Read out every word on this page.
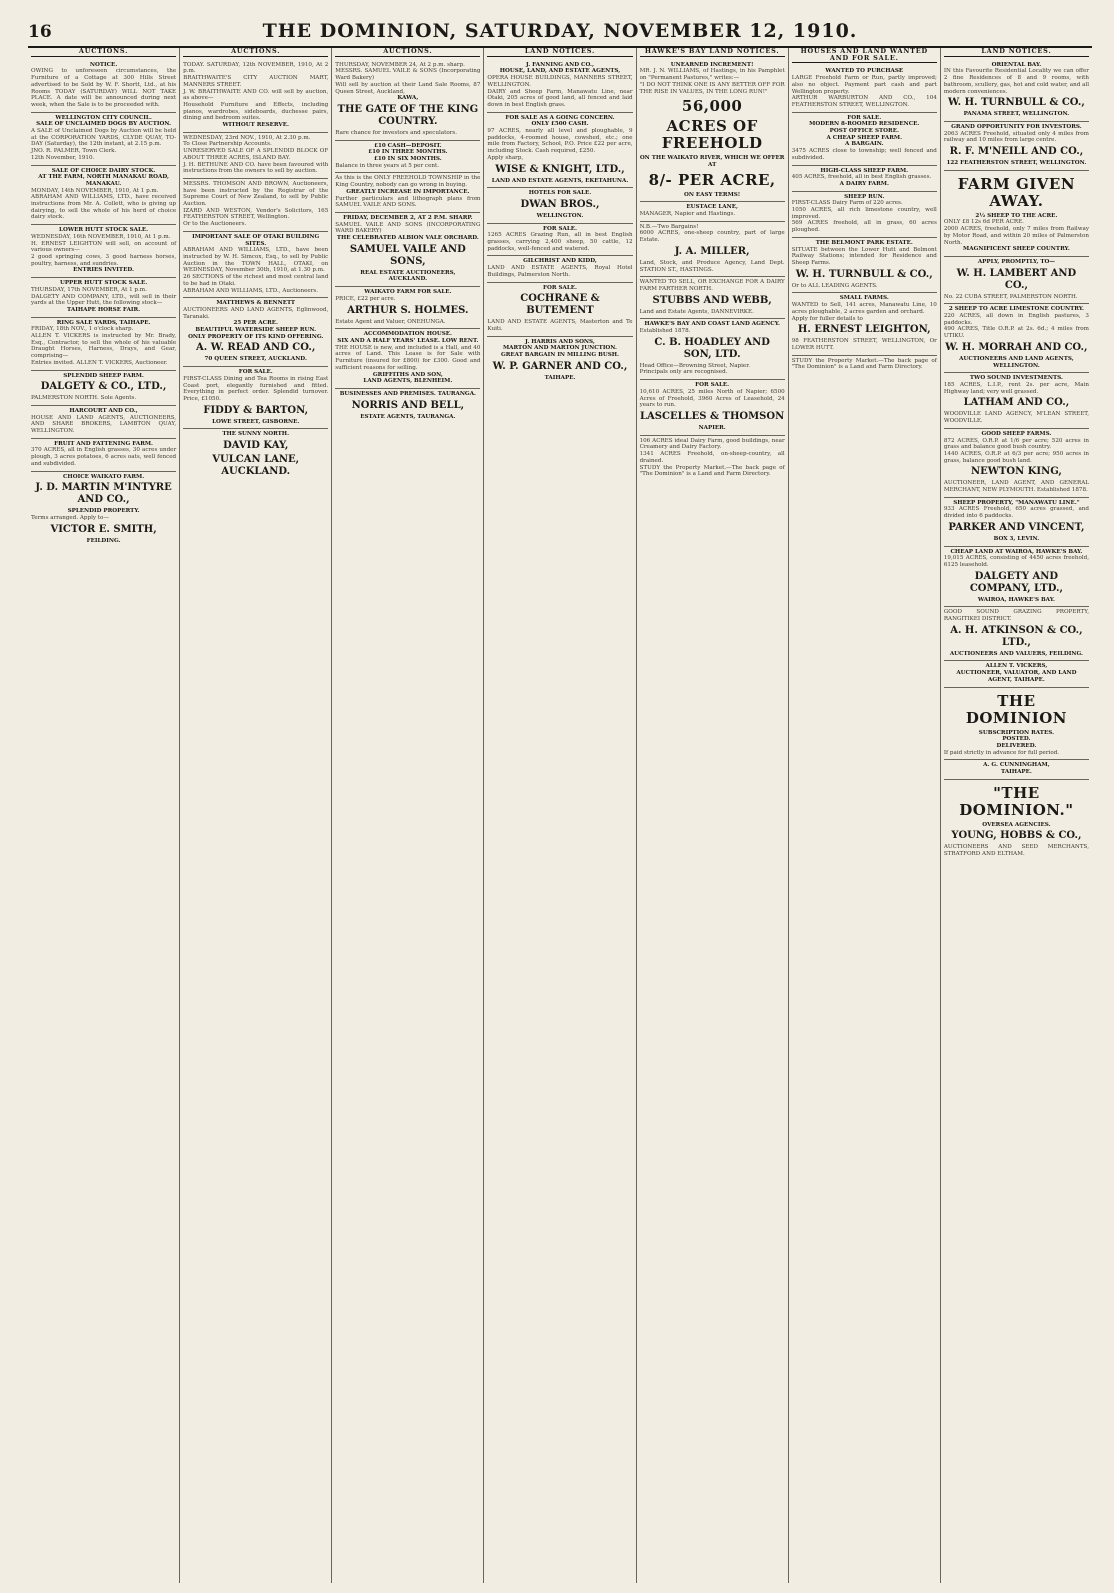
16	THE DOMINION, SATURDAY, NOVEMBER 12, 1910.
AUCTIONS.
NOTICE.
OWING to unforeseen circumstances, the Furniture of a Cottage at 300 Hills Street advertised to be Sold by W. F. Shortt, Ltd., at his Rooms TODAY (SATURDAY) WILL NOT TAKE PLACE. A date will be announced during next week, when the Sale is to be proceeded with.
WELLINGTON CITY COUNCIL.
SALE OF UNCLAIMED DOGS BY AUCTION.
A SALE of Unclaimed Dogs by Auction will be held at the CORPORATION YARDS, CLYDE QUAY, TO-DAY (Saturday), the 12th instant, at 2.15 p.m.
JNO. R. PALMER, Town Clerk.
12th November, 1910.
SALE OF CHOICE DAIRY STOCK.
AT THE FARM, NORTH MANAKAU ROAD, MANAKAU.
MONDAY, 14th NOVEMBER, 1910, At 1 p.m.
ABRAHAM AND WILLIAMS, LTD., have received instructions from Mr. A. Collett, who is giving up dairying, to sell the whole of his herd of choice dairy stock.
LOWER HUTT STOCK SALE.
WEDNESDAY, 16th NOVEMBER, 1910, At 1 p.m.
H. ERNEST LEIGHTON will sell, on account of various owners—
2 good springing cows, 3 good harness horses, poultry, harness, and sundries.
ENTRIES INVITED.
UPPER HUTT STOCK SALE.
THURSDAY, 17th NOVEMBER, At 1 p.m.
DALGETY AND COMPANY, LTD., will sell in their yards at the Upper Hutt, the following stock—
TAIHAPE HORSE FAIR.
RING SALE YARDS, TAIHAPE.
FRIDAY, 18th NOV., 1 o'clock sharp.
ALLEN T. VICKERS is instructed by Mr. Brady, Esq., Contractor, to sell the whole of his valuable Draught Horses, Harness, Drays, and Gear, comprising—
Entries invited. ALLEN T. VICKERS, Auctioneer.
SPLENDID SHEEP FARM.
DALGETY & CO., LTD.,
PALMERSTON NORTH. Sole Agents.
HARCOURT AND CO.,
HOUSE AND LAND AGENTS, AUCTIONEERS, AND SHARE BROKERS, LAMBTON QUAY, WELLINGTON.
FRUIT AND FATTENING FARM.
370 ACRES, all in English grasses, 30 acres under plough, 3 acres potatoes, 6 acres oats, well fenced and subdivided.
CHOICE WAIKATO FARM.
J. D. MARTIN M'INTYRE AND CO.,
SPLENDID PROPERTY.
Terms arranged. Apply to—
VICTOR E. SMITH,
FEILDING.
AUCTIONS.
TODAY. SATURDAY, 12th NOVEMBER, 1910, At 2 p.m.
BRAITHWAITE'S CITY AUCTION MART, MANNERS STREET.
J. W. BRAITHWAITE AND CO. will sell by auction, as above—
Household Furniture and Effects, including pianos, wardrobes, sideboards, duchesse pairs, dining and bedroom suites.
WITHOUT RESERVE.
WEDNESDAY, 23rd NOV., 1910, At 2.30 p.m.
To Close Partnership Accounts.
UNRESERVED SALE OF A SPLENDID BLOCK OF ABOUT THREE ACRES, ISLAND BAY.
J. H. BETHUNE AND CO. have been favoured with instructions from the owners to sell by auction.
MESSRS. THOMSON AND BROWN, Auctioneers, have been instructed by the Registrar of the Supreme Court of New Zealand, to sell by Public Auction.
IZARD AND WESTON, Vendor's Solicitors, 165 FEATHERSTON STREET, Wellington.
Or to the Auctioneers.
IMPORTANT SALE OF OTAKI BUILDING SITES.
ABRAHAM AND WILLIAMS, LTD., have been instructed by W. H. Simcox, Esq., to sell by Public Auction in the TOWN HALL, OTAKI, on WEDNESDAY, November 30th, 1910, at 1.30 p.m.
26 SECTIONS of the richest and most central land to be had in Otaki.
ABRAHAM AND WILLIAMS, LTD., Auctioneers.
MATTHEWS & BENNETT
AUCTIONEERS AND LAND AGENTS, Eglinwood, Taranaki.
25 PER ACRE.
BEAUTIFUL WATERSIDE SHEEP RUN.
ONLY PROPERTY OF ITS KIND OFFERING.
A. W. READ AND CO.,
70 QUEEN STREET, AUCKLAND.
FOR SALE.
FIRST-CLASS Dining and Tea Rooms in rising East Coast port, elegantly furnished and fitted. Everything in perfect order. Splendid turnover. Price, £1050.
FIDDY & BARTON,
LOWE STREET, GISBORNE.
THE SUNNY NORTH.
DAVID KAY,
VULCAN LANE, AUCKLAND.
AUCTIONS.
THURSDAY, NOVEMBER 24, At 2 p.m. sharp.
MESSRS. SAMUEL VAILE & SONS (Incorporating Ward Bakery)
Will sell by auction at their Land Sale Rooms, 87 Queen Street, Auckland,
KAWA,
THE GATE OF THE KING COUNTRY.
Rare chance for investors and speculators.
£10 CASH—DEPOSIT.
£10 IN THREE MONTHS.
£10 IN SIX MONTHS.
Balance in three years at 5 per cent.
As this is the ONLY FREEHOLD TOWNSHIP in the King Country, nobody can go wrong in buying.
GREATLY INCREASE IN IMPORTANCE.
Further particulars and lithograph plans from SAMUEL VAILE AND SONS.
FRIDAY, DECEMBER 2, AT 2 P.M. SHARP.
SAMUEL VAILE AND SONS (INCORPORATING WARD BAKERY)
THE CELEBRATED ALBION VALE ORCHARD.
SAMUEL VAILE AND SONS,
REAL ESTATE AUCTIONEERS,
AUCKLAND.
WAIKATO FARM FOR SALE.
PRICE, £22 per acre.
ARTHUR S. HOLMES.
Estate Agent and Valuer, ONEHUNGA.
ACCOMMODATION HOUSE.
SIX AND A HALF YEARS' LEASE. LOW RENT.
THE HOUSE is new, and included is a Hall, and 40 acres of Land. This Lease is for Sale with Furniture (insured for £800) for £300. Good and sufficient reasons for selling.
GRIFFITHS AND SON,
LAND AGENTS, BLENHEIM.
BUSINESSES AND PREMISES. TAURANGA.
NORRIS AND BELL,
ESTATE AGENTS, TAURANGA.
LAND NOTICES.
J. FANNING AND CO.,
HOUSE, LAND, AND ESTATE AGENTS,
OPERA HOUSE BUILDINGS, MANNERS STREET, WELLINGTON.
DAIRY and Sheep Farm, Manawatu Line, near Otaki, 205 acres of good land, all fenced and laid down in best English grass.
FOR SALE AS A GOING CONCERN.
ONLY £500 CASH.
97 ACRES, nearly all level and ploughable, 9 paddocks, 4-roomed house, cowshed, etc.; one mile from Factory, School, P.O. Price £22 per acre, including Stock. Cash required, £250.
Apply sharp,
WISE & KNIGHT, LTD.,
LAND AND ESTATE AGENTS, EKETAHUNA.
HOTELS FOR SALE.
DWAN BROS.,
WELLINGTON.
FOR SALE.
1265 ACRES Grazing Run, all in best English grasses, carrying 2,400 sheep, 50 cattle, 12 paddocks, well-fenced and watered.
GILCHRIST AND KIDD,
LAND AND ESTATE AGENTS, Royal Hotel Buildings, Palmerston North.
FOR SALE.
COCHRANE & BUTEMENT
LAND AND ESTATE AGENTS, Masterton and Te Kuiti.
J. HARRIS AND SONS,
MARTON AND MARTON JUNCTION.
GREAT BARGAIN IN MILLING BUSH.
W. P. GARNER AND CO.,
TAIHAPE.
HAWKE'S BAY LAND NOTICES.
UNEARNED INCREMENT!
MR. J. N. WILLIAMS, of Hastings, in his Pamphlet on "Permanent Pastures," writes:—
"I DO NOT THINK ONE IS ANY BETTER OFF FOR THE RISE IN VALUES, IN THE LONG RUN!"
56,000
ACRES OF FREEHOLD
ON THE WAIKATO RIVER, WHICH WE OFFER AT
8/- PER ACRE,
ON EASY TERMS!
EUSTACE LANE,
MANAGER, Napier and Hastings.
N.B.—Two Bargains!
6000 ACRES, one-sheep country, part of large Estate.
J. A. MILLER,
Land, Stock, and Produce Agency, Land Dept. STATION ST., HASTINGS.
WANTED TO SELL, OR EXCHANGE FOR A DAIRY FARM FARTHER NORTH.
STUBBS AND WEBB,
Land and Estate Agents, DANNEVIRKE.
HAWKE'S BAY AND COAST LAND AGENCY.
Established 1878.
C. B. HOADLEY AND SON, LTD.
Head Office—Browning Street, Napier.
Principals only are recognised.
FOR SALE.
10,610 ACRES, 25 miles North of Napier; 6500 Acres of Freehold, 3960 Acres of Leasehold, 24 years to run.
LASCELLES & THOMSON
NAPIER.
106 ACRES ideal Dairy Farm, good buildings, near Creamery and Dairy Factory.
1341 ACRES Freehold, on-sheep-country, all drained.
STUDY the Property Market.—The back page of "The Dominion" is a Land and Farm Directory.
HOUSES AND LAND WANTED AND FOR SALE.
WANTED TO PURCHASE
LARGE Freehold Farm or Run, partly improved; also no object. Payment part cash and part Wellington property.
ARTHUR WARBURTON AND CO., 104 FEATHERSTON STREET, WELLINGTON.
FOR SALE.
MODERN 8-ROOMED RESIDENCE.
POST OFFICE STORE.
A CHEAP SHEEP FARM.
A BARGAIN.
3475 ACRES close to township; well fenced and subdivided.
HIGH-CLASS SHEEP FARM.
405 ACRES, freehold, all in best English grasses.
A DAIRY FARM.
SHEEP RUN.
FIRST-CLASS Dairy Farm of 220 acres.
1050 ACRES, all rich limestone country, well improved.
569 ACRES freehold, all in grass, 60 acres ploughed.
THE BELMONT PARK ESTATE.
SITUATE between the Lower Hutt and Belmont Railway Stations; intended for Residence and Sheep Farms.
W. H. TURNBULL & CO.,
Or to ALL LEADING AGENTS.
SMALL FARMS.
WANTED to Sell, 141 acres, Manawatu Line, 10 acres ploughable, 2 acres garden and orchard.
Apply for fuller details to
H. ERNEST LEIGHTON,
98 FEATHERSTON STREET, WELLINGTON, Or LOWER HUTT.
STUDY the Property Market.—The back page of "The Dominion" is a Land and Farm Directory.
LAND NOTICES.
ORIENTAL BAY.
IN this Favourite Residential Locality we can offer 2 fine Residences of 8 and 9 rooms, with bathroom, scullery, gas, hot and cold water, and all modern conveniences.
W. H. TURNBULL & CO.,
PANAMA STREET, WELLINGTON.
GRAND OPPORTUNITY FOR INVESTORS.
2063 ACRES Freehold, situated only 4 miles from railway and 10 miles from large centre.
R. F. M'NEILL AND CO.,
122 FEATHERSTON STREET, WELLINGTON.
FARM GIVEN AWAY.
2½ SHEEP TO THE ACRE.
ONLY £8 12s 6d PER ACRE.
2000 ACRES, freehold, only 7 miles from Railway by Motor Road, and within 20 miles of Palmerston North.
MAGNIFICENT SHEEP COUNTRY.
APPLY, PROMPTLY, TO—
W. H. LAMBERT AND CO.,
No. 22 CUBA STREET, PALMERSTON NORTH.
2 SHEEP TO ACRE LIMESTONE COUNTRY.
220 ACRES, all down in English pastures, 3 paddocks.
490 ACRES, Title O.R.P. at 2s. 6d.; 4 miles from UTIKU.
W. H. MORRAH AND CO.,
AUCTIONEERS AND LAND AGENTS, WELLINGTON.
TWO SOUND INVESTMENTS.
185 ACRES, L.I.P., rent 2s. per acre, Main Highway land; very well grassed.
LATHAM AND CO.,
WOODVILLE LAND AGENCY, M'LEAN STREET, WOODVILLE.
GOOD SHEEP FARMS.
872 ACRES, O.R.P. at 1/6 per acre; 520 acres in grass and balance good bush country.
1440 ACRES, O.R.P. at 6/3 per acre; 950 acres in grass, balance good bush land.
NEWTON KING,
AUCTIONEER, LAND AGENT, AND GENERAL MERCHANT, NEW PLYMOUTH. Established 1878.
SHEEP PROPERTY, "MANAWATU LINE."
933 ACRES Freehold, 650 acres grassed, and divided into 6 paddocks.
PARKER AND VINCENT,
BOX 3, LEVIN.
CHEAP LAND AT WAIROA, HAWKE'S BAY.
19,015 ACRES, consisting of 4450 acres freehold, 6125 leasehold.
DALGETY AND COMPANY, LTD.,
WAIROA, HAWKE'S BAY.
GOOD SOUND GRAZING PROPERTY, RANGITIKEI DISTRICT.
A. H. ATKINSON & CO., LTD.,
AUCTIONEERS AND VALUERS, FEILDING.
ALLEN T. VICKERS,
AUCTIONEER, VALUATOR, AND LAND AGENT, TAIHAPE.
THE DOMINION
SUBSCRIPTION RATES.
POSTED.
DELIVERED.
If paid strictly in advance for full period.
A. G. CUNNINGHAM,
TAIHAPE.
"THE DOMINION."
OVERSEA AGENCIES.
YOUNG, HOBBS & CO.,
AUCTIONEERS AND SEED MERCHANTS, STRATFORD AND ELTHAM.
